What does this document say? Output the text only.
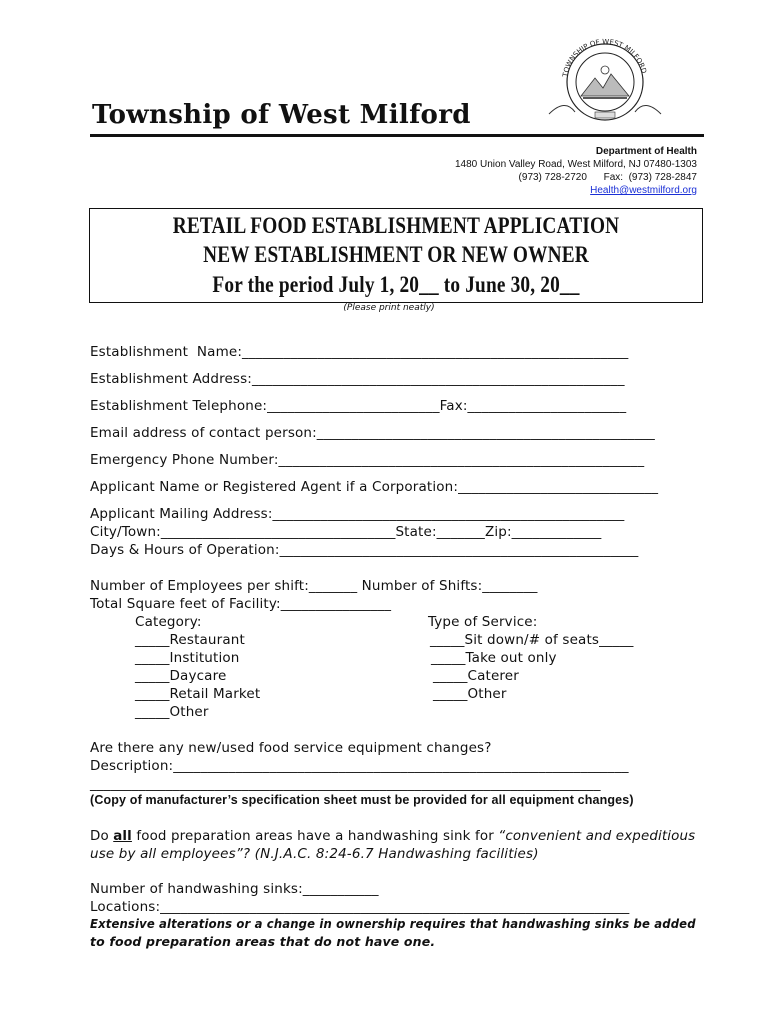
TOWNSHIP OF WEST MILFORD
Township of West Milford
Department of Health
1480 Union Valley Road, West Milford, NJ 07480-1303
(973) 728-2720      Fax:  (973) 728-2847
Health@westmilford.org
RETAIL FOOD ESTABLISHMENT APPLICATION
NEW ESTABLISHMENT OR NEW OWNER
For the period July 1, 20__ to June 30, 20__
(Please print neatly)
Establishment  Name:________________________________________________________
Establishment Address:______________________________________________________
Establishment Telephone:_________________________Fax:_______________________
Email address of contact person:_________________________________________________
Emergency Phone Number:_____________________________________________________
Applicant Name or Registered Agent if a Corporation:_____________________________
Applicant Mailing Address:___________________________________________________
City/Town:__________________________________State:_______Zip:_____________
Days & Hours of Operation:____________________________________________________
Number of Employees per shift:_______ Number of Shifts:________
Total Square feet of Facility:________________
Category:
_____Restaurant
_____Institution
_____Daycare
_____Retail Market
_____Other
Type of Service:
_____Sit down/# of seats_____
_____Take out only
_____Caterer
_____Other
Are there any new/used food service equipment changes?
Description:__________________________________________________________________
__________________________________________________________________________
(Copy of manufacturer’s specification sheet must be provided for all equipment changes)
Do all food preparation areas have a handwashing sink for “convenient and expeditious
use by all employees”? (N.J.A.C. 8:24-6.7 Handwashing facilities)
Number of handwashing sinks:___________
Locations:____________________________________________________________________
Extensive alterations or a change in ownership requires that handwashing sinks be added
to food preparation areas that do not have one.
